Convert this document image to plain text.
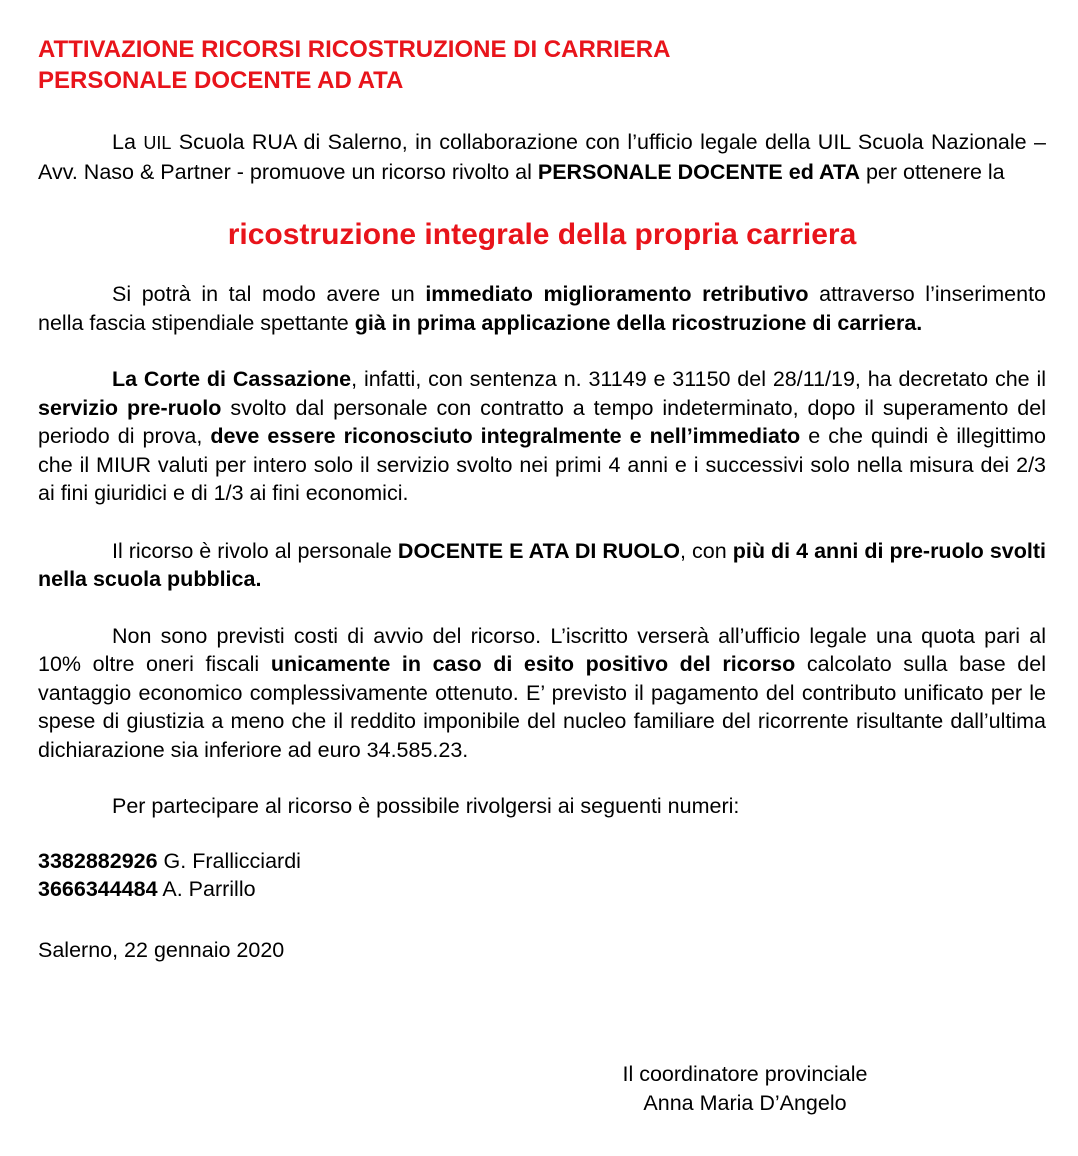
ATTIVAZIONE RICORSI RICOSTRUZIONE DI CARRIERA

PERSONALE DOCENTE AD ATA

La UIL Scuola RUA di Salerno, in collaborazione con l’ufficio legale della UIL Scuola Nazionale – Avv. Naso & Partner - promuove un ricorso rivolto al PERSONALE DOCENTE ed ATA per ottenere la

ricostruzione integrale della propria carriera

Si potrà in tal modo avere un immediato miglioramento retributivo attraverso l’inserimento nella fascia stipendiale spettante già in prima applicazione della ricostruzione di carriera.

La Corte di Cassazione, infatti, con sentenza n. 31149 e 31150 del 28/11/19, ha decretato che il servizio pre-ruolo svolto dal personale con contratto a tempo indeterminato, dopo il superamento del periodo di prova, deve essere riconosciuto integralmente e nell’immediato e che quindi è illegittimo che il MIUR valuti per intero solo il servizio svolto nei primi 4 anni e i successivi solo nella misura dei 2/3 ai fini giuridici e di 1/3 ai fini economici.

Il ricorso è rivolo al personale DOCENTE E ATA DI RUOLO, con più di 4 anni di pre-ruolo svolti nella scuola pubblica.

Non sono previsti costi di avvio del ricorso. L’iscritto verserà all’ufficio legale una quota pari al 10% oltre oneri fiscali unicamente in caso di esito positivo del ricorso calcolato sulla base del vantaggio economico complessivamente ottenuto. E’ previsto il pagamento del contributo unificato per le spese di giustizia a meno che il reddito imponibile del nucleo familiare del ricorrente risultante dall’ultima dichiarazione sia inferiore ad euro 34.585.23.

Per partecipare al ricorso è possibile rivolgersi ai seguenti numeri:

3382882926 G. Frallicciardi

3666344484 A. Parrillo

Salerno, 22 gennaio 2020

Il coordinatore provinciale
Anna Maria D’Angelo
